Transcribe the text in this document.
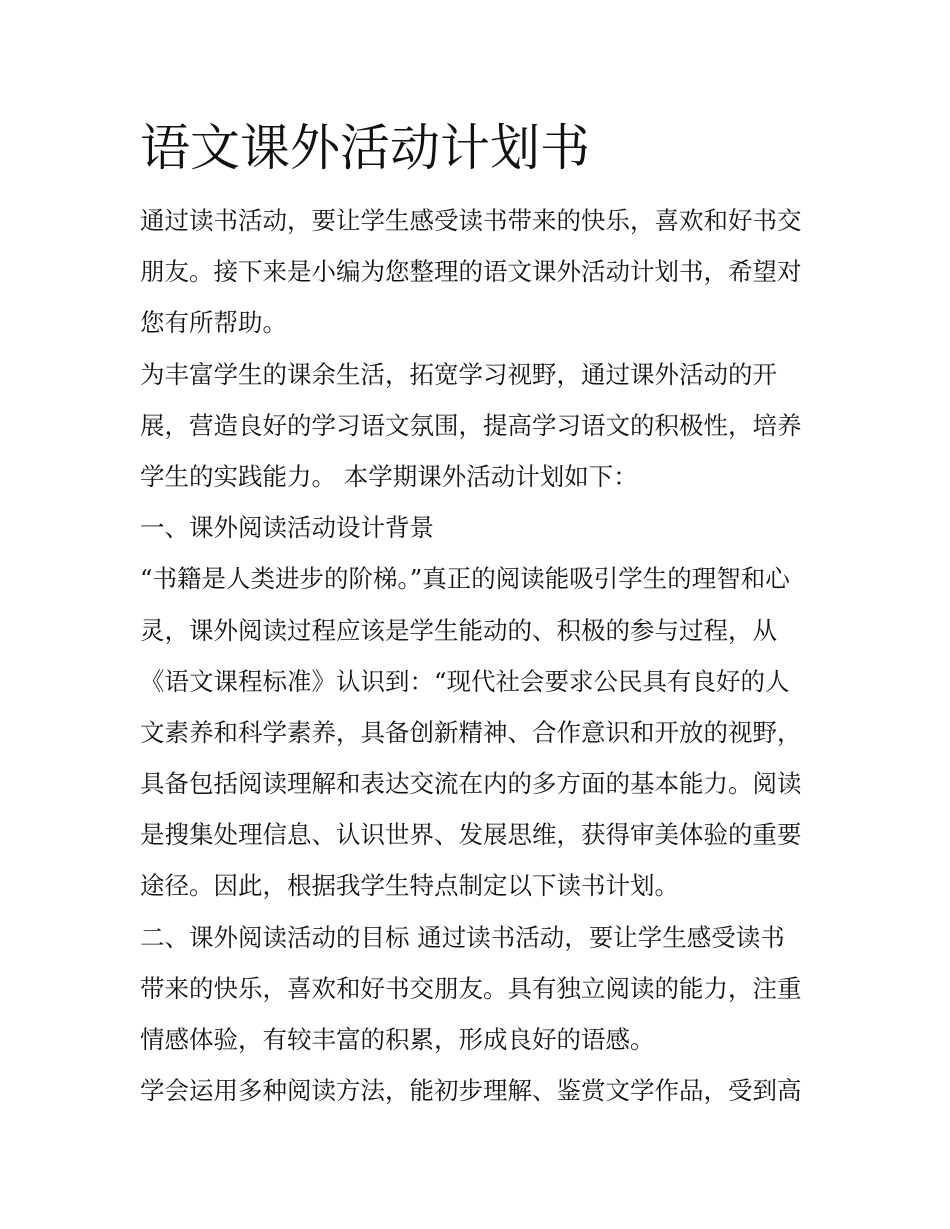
语文课外活动计划书
通过读书活动，要让学生感受读书带来的快乐，喜欢和好书交
朋友。接下来是小编为您整理的语文课外活动计划书，希望对
您有所帮助。
为丰富学生的课余生活，拓宽学习视野，通过课外活动的开
展，营造良好的学习语文氛围，提高学习语文的积极性，培养
学生的实践能力。 本学期课外活动计划如下：
一、课外阅读活动设计背景
“书籍是人类进步的阶梯。”真正的阅读能吸引学生的理智和心
灵，课外阅读过程应该是学生能动的、积极的参与过程，从
《语文课程标准》认识到：“现代社会要求公民具有良好的人
文素养和科学素养，具备创新精神、合作意识和开放的视野，
具备包括阅读理解和表达交流在内的多方面的基本能力。阅读
是搜集处理信息、认识世界、发展思维，获得审美体验的重要
途径。因此，根据我学生特点制定以下读书计划。
二、课外阅读活动的目标 通过读书活动，要让学生感受读书
带来的快乐，喜欢和好书交朋友。具有独立阅读的能力，注重
情感体验，有较丰富的积累，形成良好的语感。
学会运用多种阅读方法，能初步理解、鉴赏文学作品，受到高
